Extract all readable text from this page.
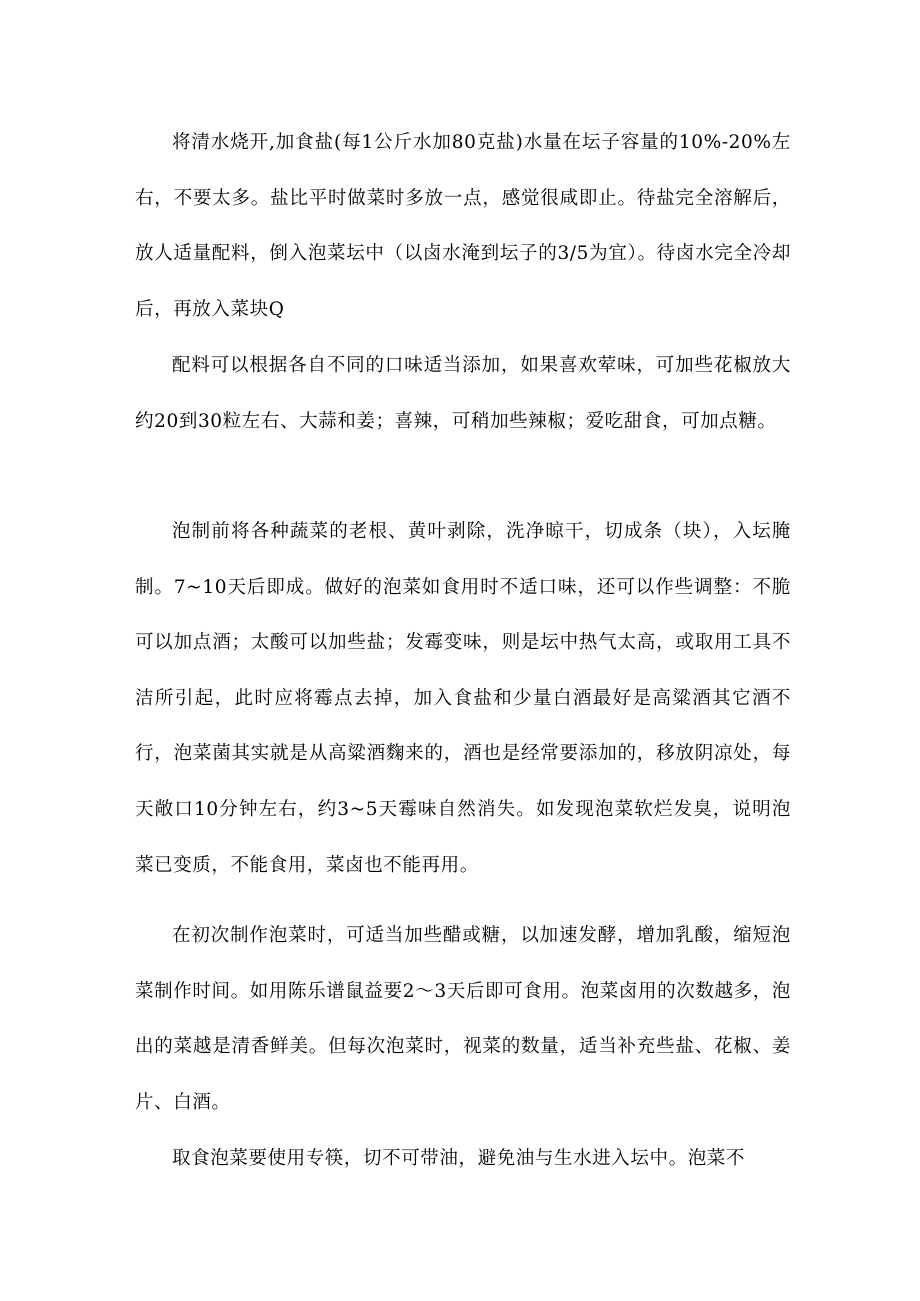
将清水烧开,加食盐(每1公斤水加80克盐)水量在坛子容量的10%-20%左右，不要太多。盐比平时做菜时多放一点，感觉很咸即止。待盐完全溶解后，放人适量配料，倒入泡菜坛中（以卤水淹到坛子的3/5为宜）。待卤水完全冷却后，再放入菜块Q

配料可以根据各自不同的口味适当添加，如果喜欢荤味，可加些花椒放大约20到30粒左右、大蒜和姜；喜辣，可稍加些辣椒；爱吃甜食，可加点糖。

泡制前将各种蔬菜的老根、黄叶剥除，洗净晾干，切成条（块），入坛腌制。7~10天后即成。做好的泡菜如食用时不适口味，还可以作些调整：不脆可以加点酒；太酸可以加些盐；发霉变味，则是坛中热气太高，或取用工具不洁所引起，此时应将霉点去掉，加入食盐和少量白酒最好是高粱酒其它酒不行，泡菜菌其实就是从高粱酒麴来的，酒也是经常要添加的，移放阴凉处，每天敞口10分钟左右，约3~5天霉味自然消失。如发现泡菜软烂发臭，说明泡菜已变质，不能食用，菜卤也不能再用。

在初次制作泡菜时，可适当加些醋或糖，以加速发酵，增加乳酸，缩短泡菜制作时间。如用陈乐谱鼠益要2～3天后即可食用。泡菜卤用的次数越多，泡出的菜越是清香鲜美。但每次泡菜时，视菜的数量，适当补充些盐、花椒、姜片、白酒。

取食泡菜要使用专筷，切不可带油，避免油与生水进入坛中。泡菜不
